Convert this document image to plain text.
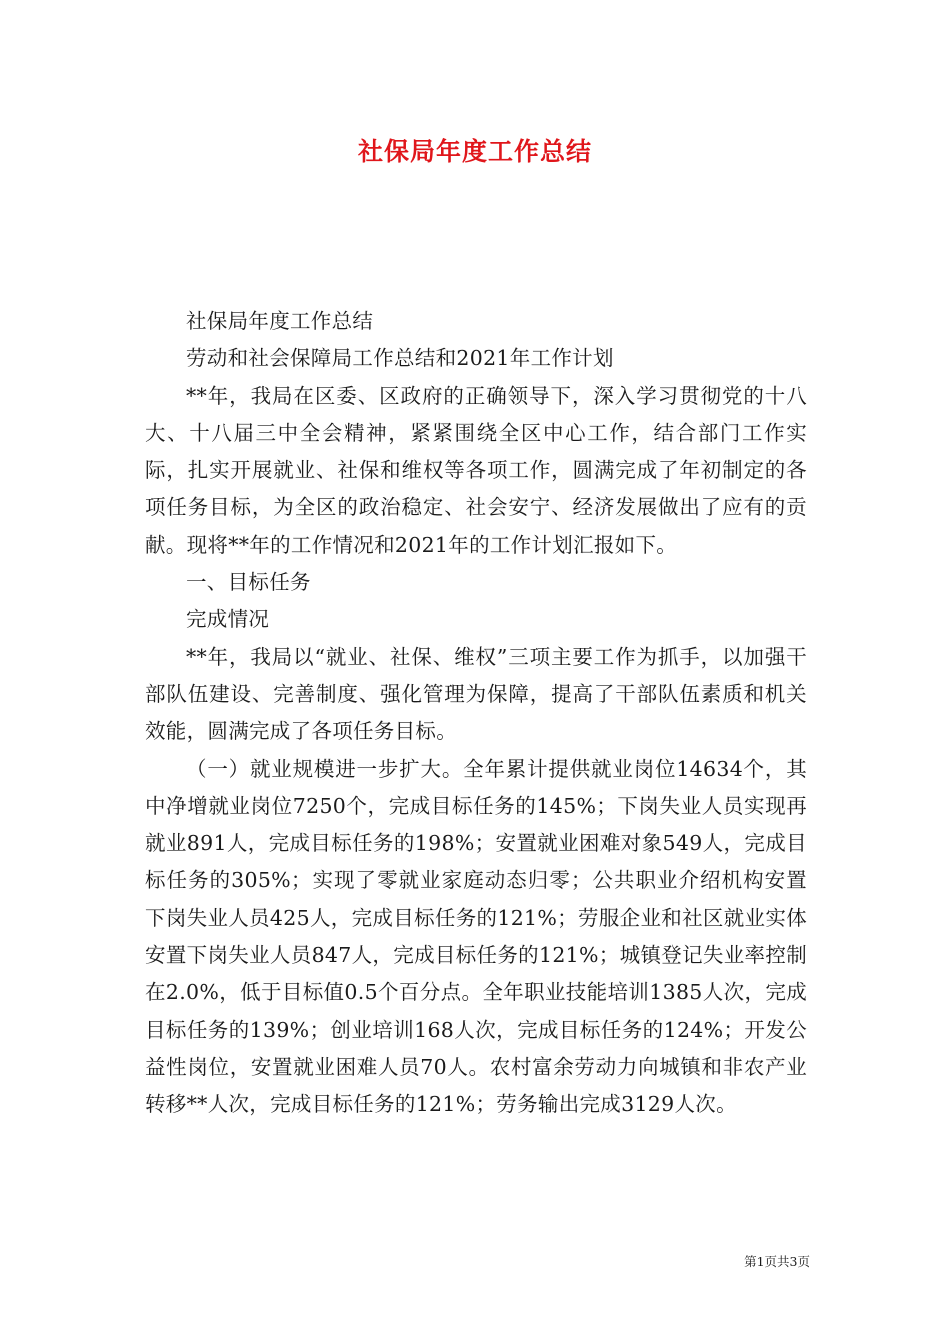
社保局年度工作总结

社保局年度工作总结

劳动和社会保障局工作总结和2021年工作计划

**年，我局在区委、区政府的正确领导下，深入学习贯彻党的十八大、十八届三中全会精神，紧紧围绕全区中心工作，结合部门工作实际，扎实开展就业、社保和维权等各项工作，圆满完成了年初制定的各项任务目标，为全区的政治稳定、社会安宁、经济发展做出了应有的贡献。现将**年的工作情况和2021年的工作计划汇报如下。

一、目标任务

完成情况

**年，我局以“就业、社保、维权”三项主要工作为抓手，以加强干部队伍建设、完善制度、强化管理为保障，提高了干部队伍素质和机关效能，圆满完成了各项任务目标。

（一）就业规模进一步扩大。全年累计提供就业岗位14634个，其中净增就业岗位7250个，完成目标任务的145%；下岗失业人员实现再就业891人，完成目标任务的198%；安置就业困难对象549人，完成目标任务的305%；实现了零就业家庭动态归零；公共职业介绍机构安置下岗失业人员425人，完成目标任务的121%；劳服企业和社区就业实体安置下岗失业人员847人，完成目标任务的121%；城镇登记失业率控制在2.0%，低于目标值0.5个百分点。全年职业技能培训1385人次，完成目标任务的139%；创业培训168人次，完成目标任务的124%；开发公益性岗位，安置就业困难人员70人。农村富余劳动力向城镇和非农产业转移**人次，完成目标任务的121%；劳务输出完成3129人次。

第1页共3页
